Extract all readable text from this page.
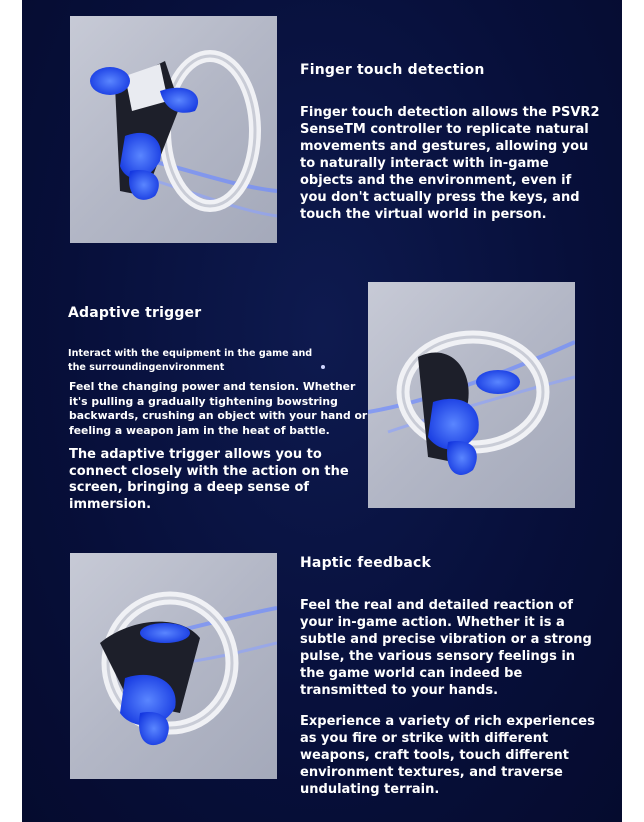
Finger touch detection
Finger touch detection allows the PSVR2 SenseTM controller to replicate natural movements and gestures, allowing you to naturally interact with in-game objects and the environment, even if you don't actually press the keys, and touch the virtual world in person.
Adaptive trigger
Interact with the equipment in the game and the surroundingenvironment
Feel the changing power and tension. Whether it's pulling a gradually tightening bowstring backwards, crushing an object with your hand or feeling a weapon jam in the heat of battle.
The adaptive trigger allows you to connect closely with the action on the screen, bringing a deep sense of immersion.
Haptic feedback
Feel the real and detailed reaction of your in-game action. Whether it is a subtle and precise vibration or a strong pulse, the various sensory feelings in the game world can indeed be transmitted to your hands.
Experience a variety of rich experiences as you fire or strike with different weapons, craft tools, touch different environment textures, and traverse undulating terrain.
